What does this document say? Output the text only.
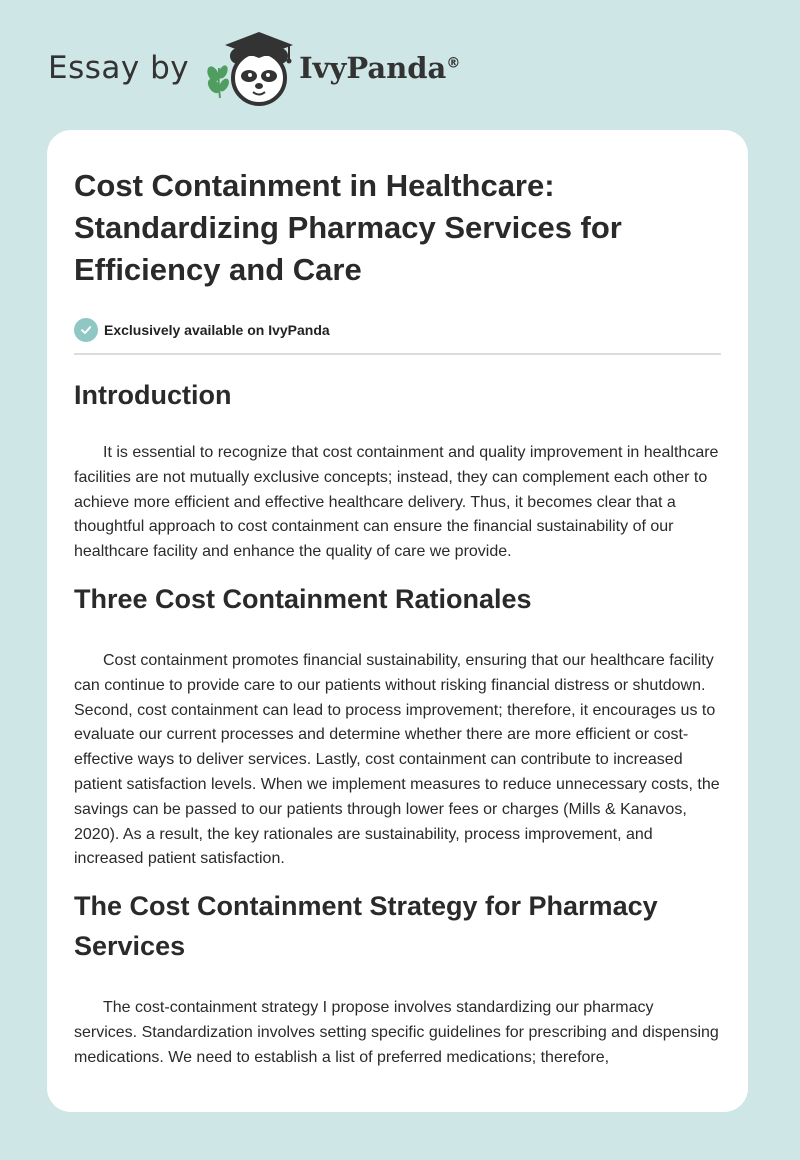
Essay by	IvyPanda®
Cost Containment in Healthcare: Standardizing Pharmacy Services for Efficiency and Care
Exclusively available on IvyPanda
Introduction

It is essential to recognize that cost containment and quality improvement in healthcare facilities are not mutually exclusive concepts; instead, they can complement each other to achieve more efficient and effective healthcare delivery. Thus, it becomes clear that a thoughtful approach to cost containment can ensure the financial sustainability of our healthcare facility and enhance the quality of care we provide.

Three Cost Containment Rationales

Cost containment promotes financial sustainability, ensuring that our healthcare facility can continue to provide care to our patients without risking financial distress or shutdown. Second, cost containment can lead to process improvement; therefore, it encourages us to evaluate our current processes and determine whether there are more efficient or cost-effective ways to deliver services. Lastly, cost containment can contribute to increased patient satisfaction levels. When we implement measures to reduce unnecessary costs, the savings can be passed to our patients through lower fees or charges (Mills & Kanavos, 2020). As a result, the key rationales are sustainability, process improvement, and increased patient satisfaction.

The Cost Containment Strategy for Pharmacy Services

The cost-containment strategy I propose involves standardizing our pharmacy services. Standardization involves setting specific guidelines for prescribing and dispensing medications. We need to establish a list of preferred medications; therefore,
